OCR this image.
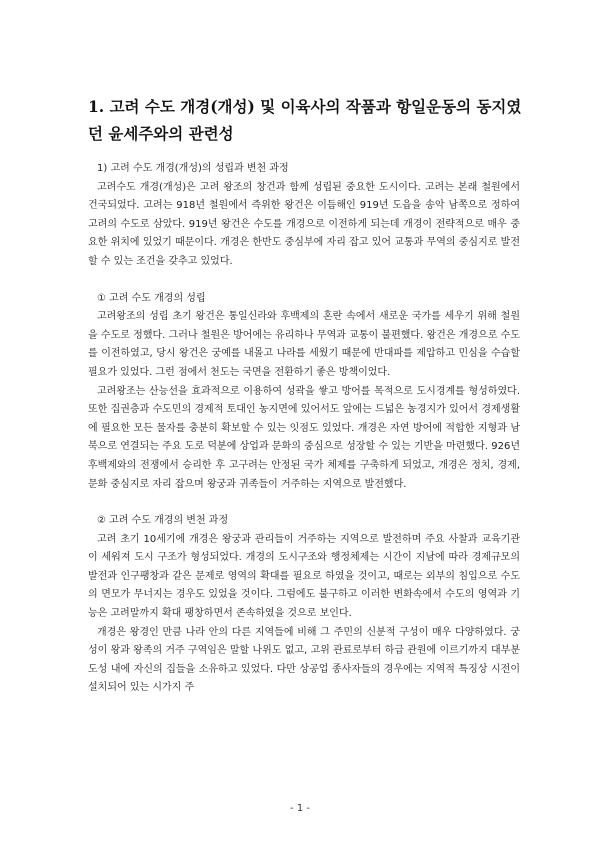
1. 고려 수도 개경(개성) 및 이육사의 작품과 항일운동의 동지였던 윤세주와의 관련성

1) 고려 수도 개경(개성)의 성립과 변천 과정

고려수도 개경(개성)은 고려 왕조의 창건과 함께 성립된 중요한 도시이다. 고려는 본래 철원에서 건국되었다. 고려는 918년 철원에서 즉위한 왕건은 이듬해인 919년 도읍을 송악 남쪽으로 정하여 고려의 수도로 삼았다. 919년 왕건은 수도를 개경으로 이전하게 되는데 개경이 전략적으로 매우 중요한 위치에 있었기 때문이다. 개경은 한반도 중심부에 자리 잡고 있어 교통과 무역의 중심지로 발전할 수 있는 조건을 갖추고 있었다.

① 고려 수도 개경의 성립

고려왕조의 성립 초기 왕건은 통일신라와 후백제의 혼란 속에서 새로운 국가를 세우기 위해 철원을 수도로 정했다. 그러나 철원은 방어에는 유리하나 무역과 교통이 불편했다. 왕건은 개경으로 수도를 이전하였고, 당시 왕건은 궁예를 내몰고 나라를 세웠기 때문에 반대파를 제압하고 민심을 수습할 필요가 있었다. 그런 점에서 천도는 국면을 전환하기 좋은 방책이었다.

고려왕조는 산능선을 효과적으로 이용하여 성곽을 쌓고 방어를 목적으로 도시경계를 형성하였다. 또한 집권층과 수도민의 경제적 토대인 농지면에 있어서도 앞에는 드넓은 농경지가 있어서 경제생활에 필요한 모든 물자를 충분히 확보할 수 있는 잇점도 있었다. 개경은 자연 방어에 적합한 지형과 남북으로 연결되는 주요 도로 덕분에 상업과 문화의 중심으로 성장할 수 있는 기반을 마련했다. 926년 후백제와의 전쟁에서 승리한 후 고구려는 안정된 국가 체제를 구축하게 되었고, 개경은 정치, 경제, 문화 중심지로 자리 잡으며 왕궁과 귀족들이 거주하는 지역으로 발전했다.

② 고려 수도 개경의 변천 과정

고려 초기 10세기에 개경은 왕궁과 관리들이 거주하는 지역으로 발전하며 주요 사찰과 교육기관이 세워져 도시 구조가 형성되었다. 개경의 도시구조와 행정체제는 시간이 지남에 따라 경제규모의 발전과 인구팽창과 같은 문제로 영역의 확대를 필요로 하였을 것이고, 때로는 외부의 침입으로 수도의 면모가 무너지는 경우도 있었을 것이다. 그럼에도 불구하고 이러한 변화속에서 수도의 영역과 기능은 고려말까지 확대 팽창하면서 존속하였을 것으로 보인다.

개경은 왕경인 만큼 나라 안의 다른 지역들에 비해 그 주민의 신분적 구성이 매우 다양하였다. 궁성이 왕과 왕족의 거주 구역임은 말할 나위도 없고, 고위 관료로부터 하급 관원에 이르기까지 대부분 도성 내에 자신의 집들을 소유하고 있었다. 다만 상공업 종사자들의 경우에는 지역적 특징상 시전이 설치되어 있는 시가지 주

- 1 -
